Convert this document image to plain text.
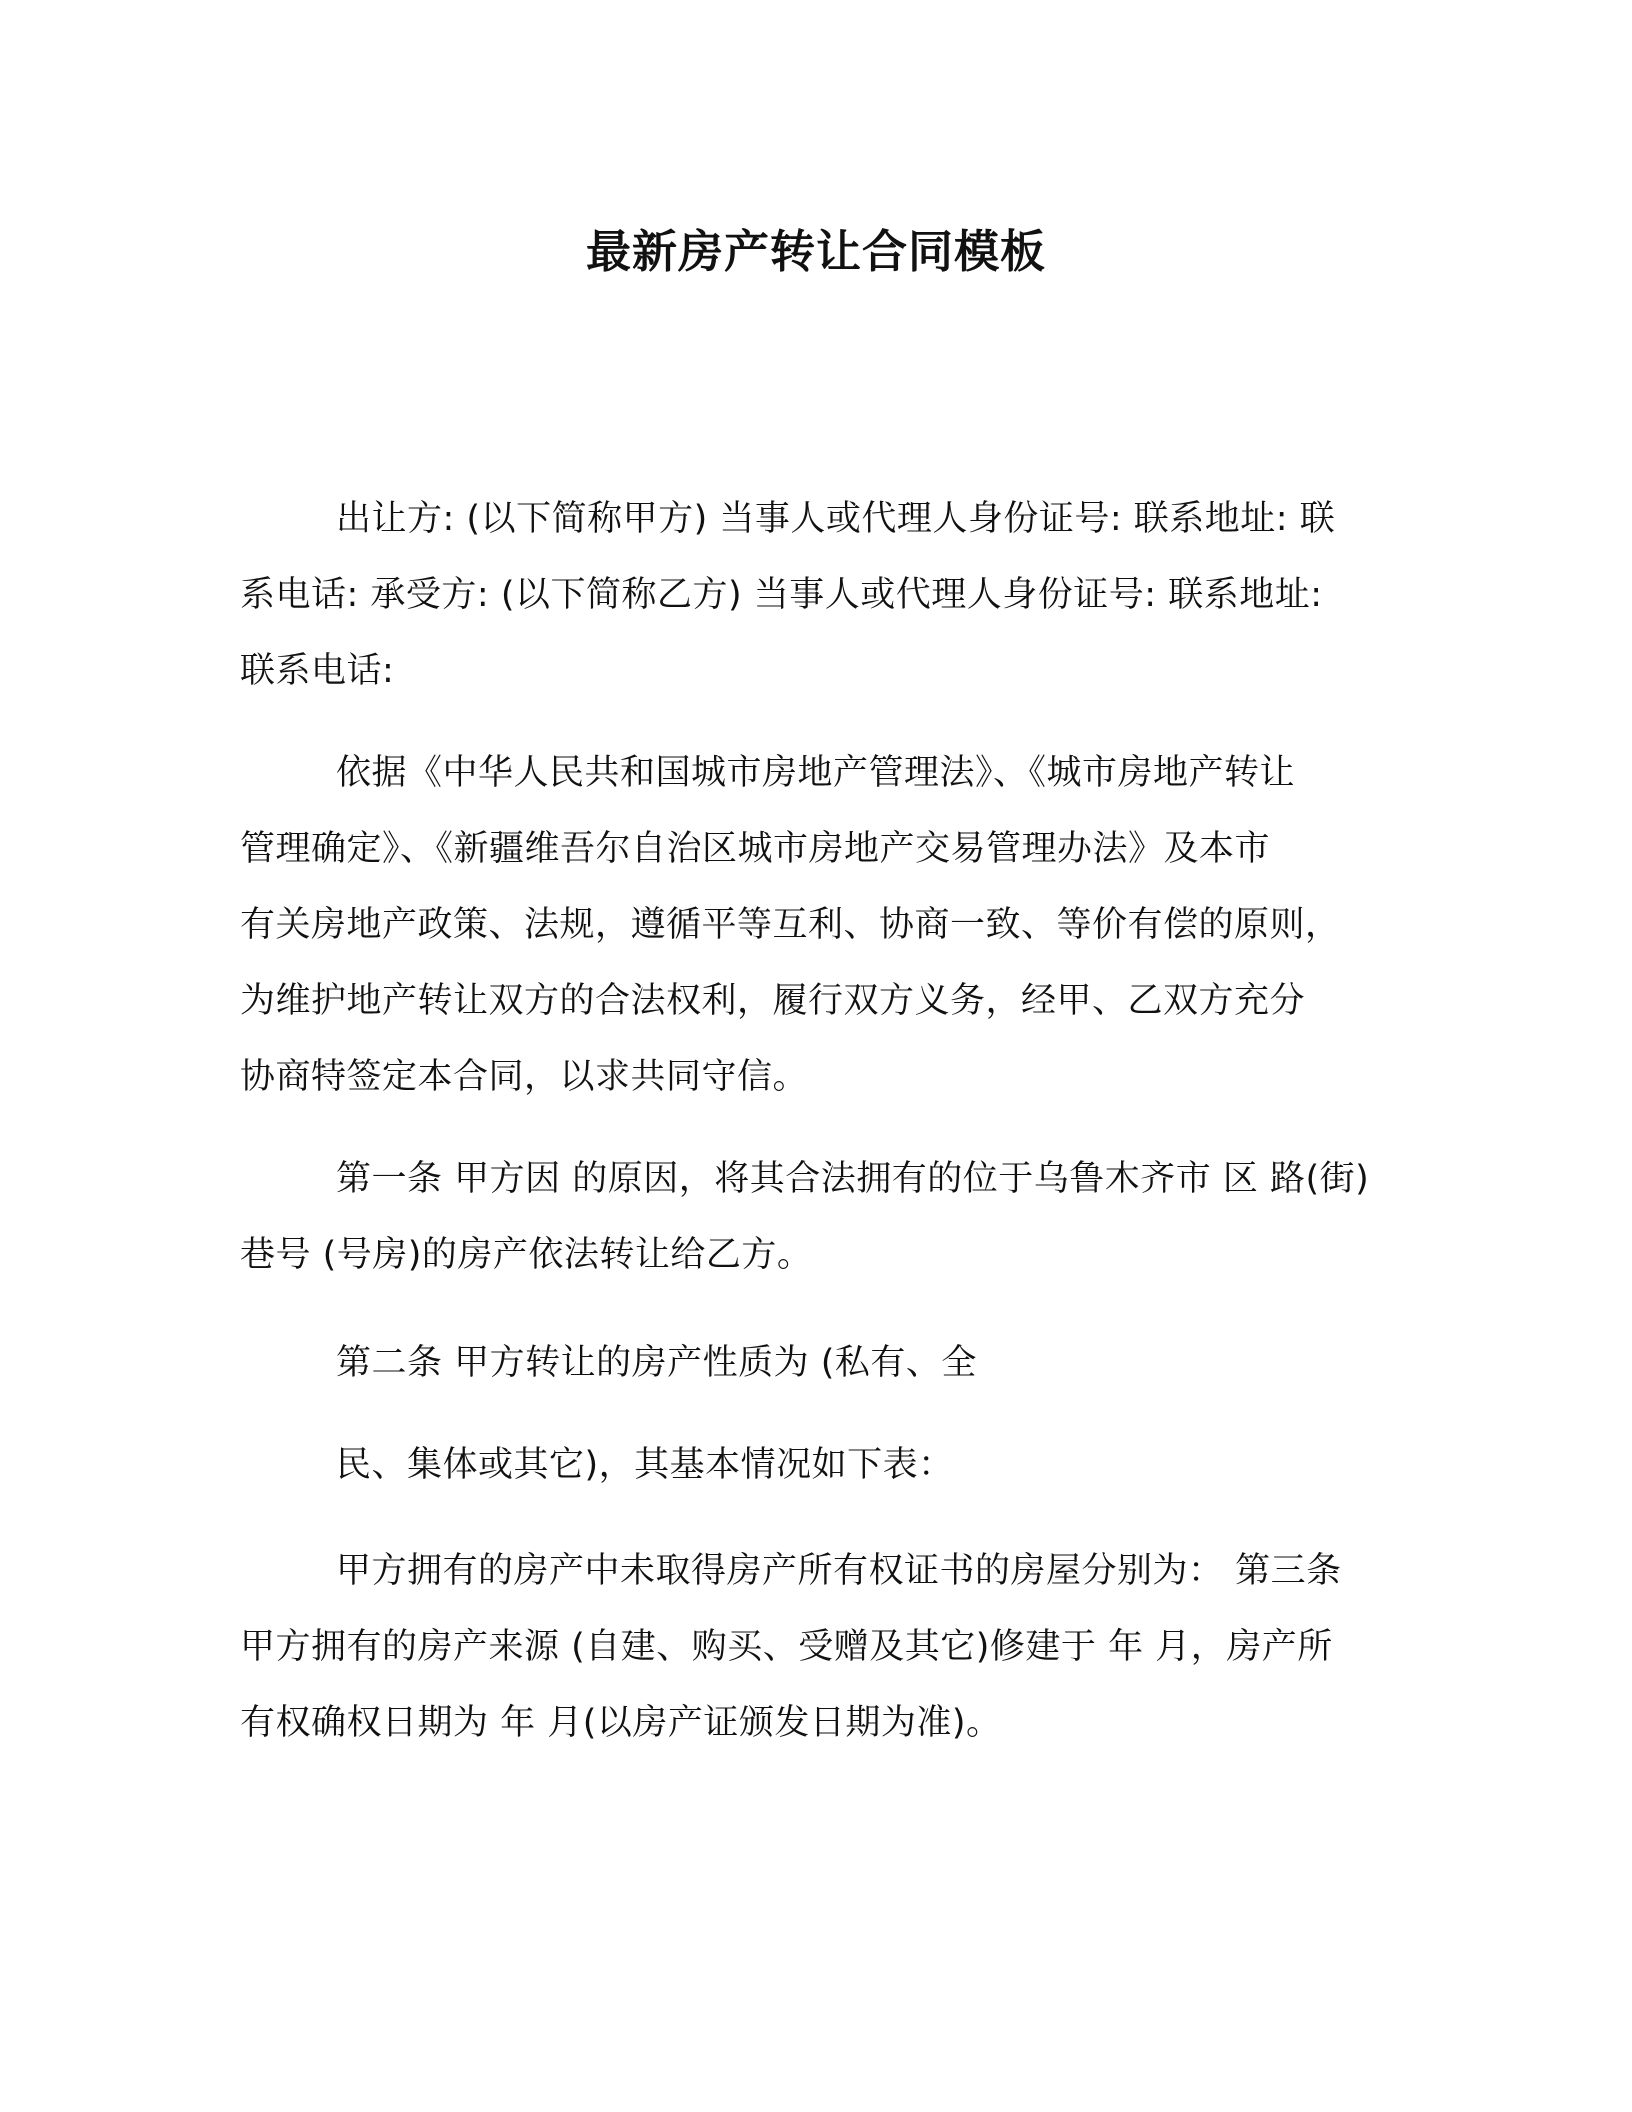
最新房产转让合同模板

出让方: (以下简称甲方) 当事人或代理人身份证号: 联系地址: 联

系电话: 承受方: (以下简称乙方) 当事人或代理人身份证号: 联系地址:

联系电话:

依据《中华人民共和国城市房地产管理法》、《城市房地产转让

管理确定》、《新疆维吾尔自治区城市房地产交易管理办法》及本市

有关房地产政策、法规，遵循平等互利、协商一致、等价有偿的原则，

为维护地产转让双方的合法权利，履行双方义务，经甲、乙双方充分

协商特签定本合同，以求共同守信。

第一条 甲方因 的原因，将其合法拥有的位于乌鲁木齐市 区 路(街)

巷号 (号房)的房产依法转让给乙方。

第二条 甲方转让的房产性质为 (私有、全

民、集体或其它)，其基本情况如下表：

甲方拥有的房产中未取得房产所有权证书的房屋分别为： 第三条

甲方拥有的房产来源 (自建、购买、受赠及其它)修建于 年 月，房产所

有权确权日期为 年 月(以房产证颁发日期为准)。
